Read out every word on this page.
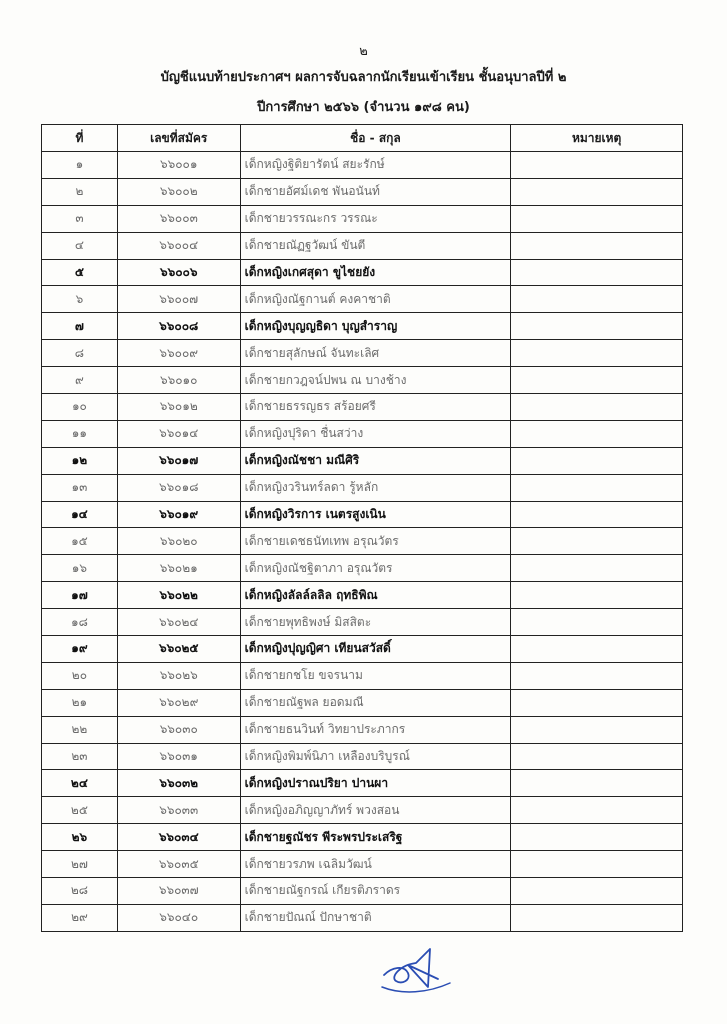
๒
บัญชีแนบท้ายประกาศฯ ผลการจับฉลากนักเรียนเข้าเรียน ชั้นอนุบาลปีที่ ๒
ปีการศึกษา ๒๕๖๖ (จำนวน ๑๙๘ คน)
ที่	เลขที่สมัคร	ชื่อ - สกุล	หมายเหตุ
๑	๖๖๐๐๑	เด็กหญิงฐิติยารัตน์ สยะรักษ์	
๒	๖๖๐๐๒	เด็กชายอัศม์เดช พันอนันท์	
๓	๖๖๐๐๓	เด็กชายวรรณะกร วรรณะ	
๔	๖๖๐๐๔	เด็กชายณัฏฐวัฒน์ ขันตี	
๕	๖๖๐๐๖	เด็กหญิงเกศสุดา ขูไชยยัง	
๖	๖๖๐๐๗	เด็กหญิงณัฐกานต์ คงคาชาติ	
๗	๖๖๐๐๘	เด็กหญิงบุญญธิดา บุญสำราญ	
๘	๖๖๐๐๙	เด็กชายสุลักษณ์ จันทะเลิศ	
๙	๖๖๐๑๐	เด็กชายกวฎจน์ปพน ณ บางช้าง	
๑๐	๖๖๐๑๒	เด็กชายธรรญธร สร้อยศรี	
๑๑	๖๖๐๑๔	เด็กหญิงปุริดา ชื่นสว่าง	
๑๒	๖๖๐๑๗	เด็กหญิงณัชชา มณีศิริ	
๑๓	๖๖๐๑๘	เด็กหญิงวรินทร์ลดา รู้หลัก	
๑๔	๖๖๐๑๙	เด็กหญิงวิรการ เนตรสูงเนิน	
๑๕	๖๖๐๒๐	เด็กชายเดชธนัทเทพ อรุณวัตร	
๑๖	๖๖๐๒๑	เด็กหญิงณัชฐิตาภา อรุณวัตร	
๑๗	๖๖๐๒๒	เด็กหญิงลัลล์ลลิล ฤทธิพิณ	
๑๘	๖๖๐๒๔	เด็กชายพุทธิพงษ์ มิสสิตะ	
๑๙	๖๖๐๒๕	เด็กหญิงปุญญิศา เทียนสวัสดิ์	
๒๐	๖๖๐๒๖	เด็กชายกชโย ขจรนาม	
๒๑	๖๖๐๒๙	เด็กชายณัฐพล ยอดมณี	
๒๒	๖๖๐๓๐	เด็กชายธนวินท์ วิทยาประภากร	
๒๓	๖๖๐๓๑	เด็กหญิงพิมพ์นิภา เหลืองบริบูรณ์	
๒๔	๖๖๐๓๒	เด็กหญิงปราณปริยา ปานผา	
๒๕	๖๖๐๓๓	เด็กหญิงอภิญญาภัทร์ พวงสอน	
๒๖	๖๖๐๓๔	เด็กชายฐณัชร พีระพรประเสริฐ	
๒๗	๖๖๐๓๕	เด็กชายวรภพ เฉลิมวัฒน์	
๒๘	๖๖๐๓๗	เด็กชายณัฐกรณ์ เกียรติภราดร	
๒๙	๖๖๐๔๐	เด็กชายปัณณ์ ปักษาชาติ	
